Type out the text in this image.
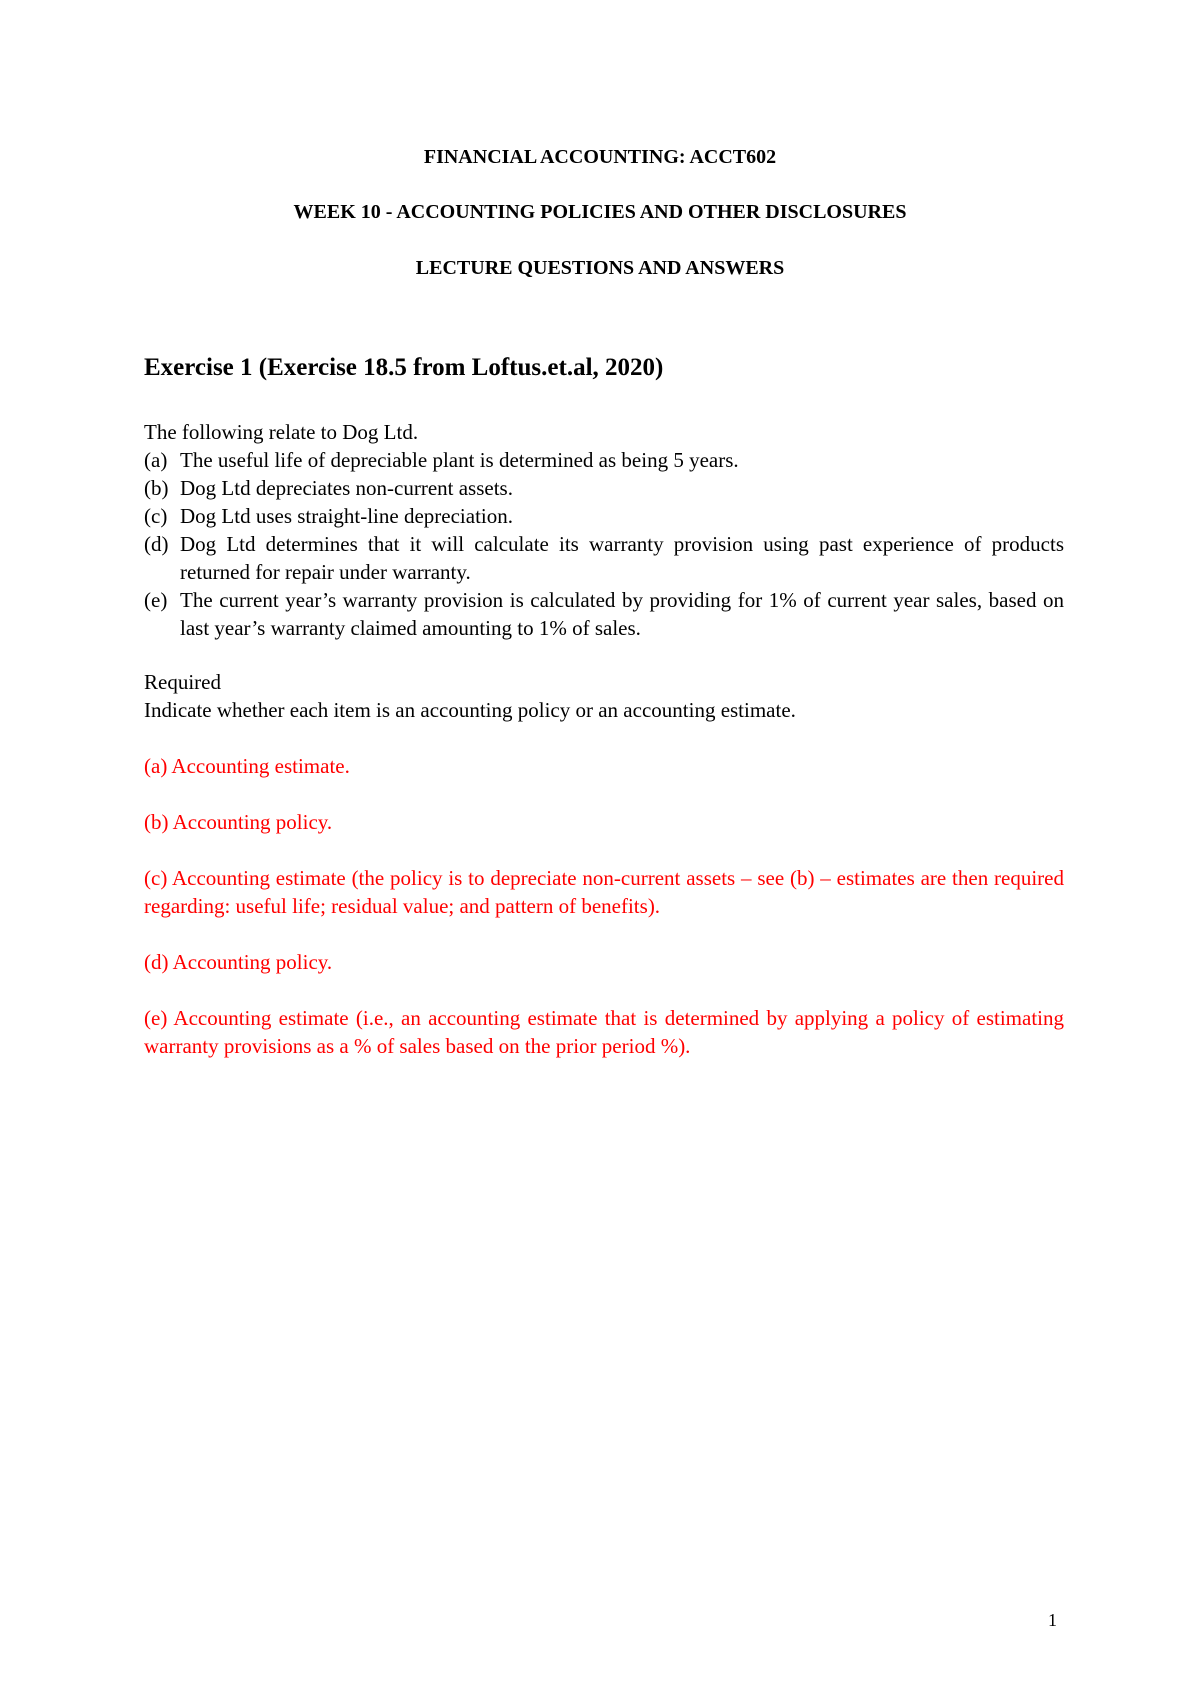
FINANCIAL ACCOUNTING: ACCT602
WEEK 10 - ACCOUNTING POLICIES AND OTHER DISCLOSURES
LECTURE QUESTIONS AND ANSWERS
Exercise 1 (Exercise 18.5 from Loftus.et.al, 2020)
The following relate to Dog Ltd.
(a) The useful life of depreciable plant is determined as being 5 years.
(b) Dog Ltd depreciates non-current assets.
(c) Dog Ltd uses straight-line depreciation.
(d) Dog Ltd determines that it will calculate its warranty provision using past experience of products returned for repair under warranty.
(e) The current year’s warranty provision is calculated by providing for 1% of current year sales, based on last year’s warranty claimed amounting to 1% of sales.
Required
Indicate whether each item is an accounting policy or an accounting estimate.
(a) Accounting estimate.
(b) Accounting policy.
(c) Accounting estimate (the policy is to depreciate non-current assets – see (b) – estimates are then required regarding: useful life; residual value; and pattern of benefits).
(d) Accounting policy.
(e) Accounting estimate (i.e., an accounting estimate that is determined by applying a policy of estimating warranty provisions as a % of sales based on the prior period %).
1
